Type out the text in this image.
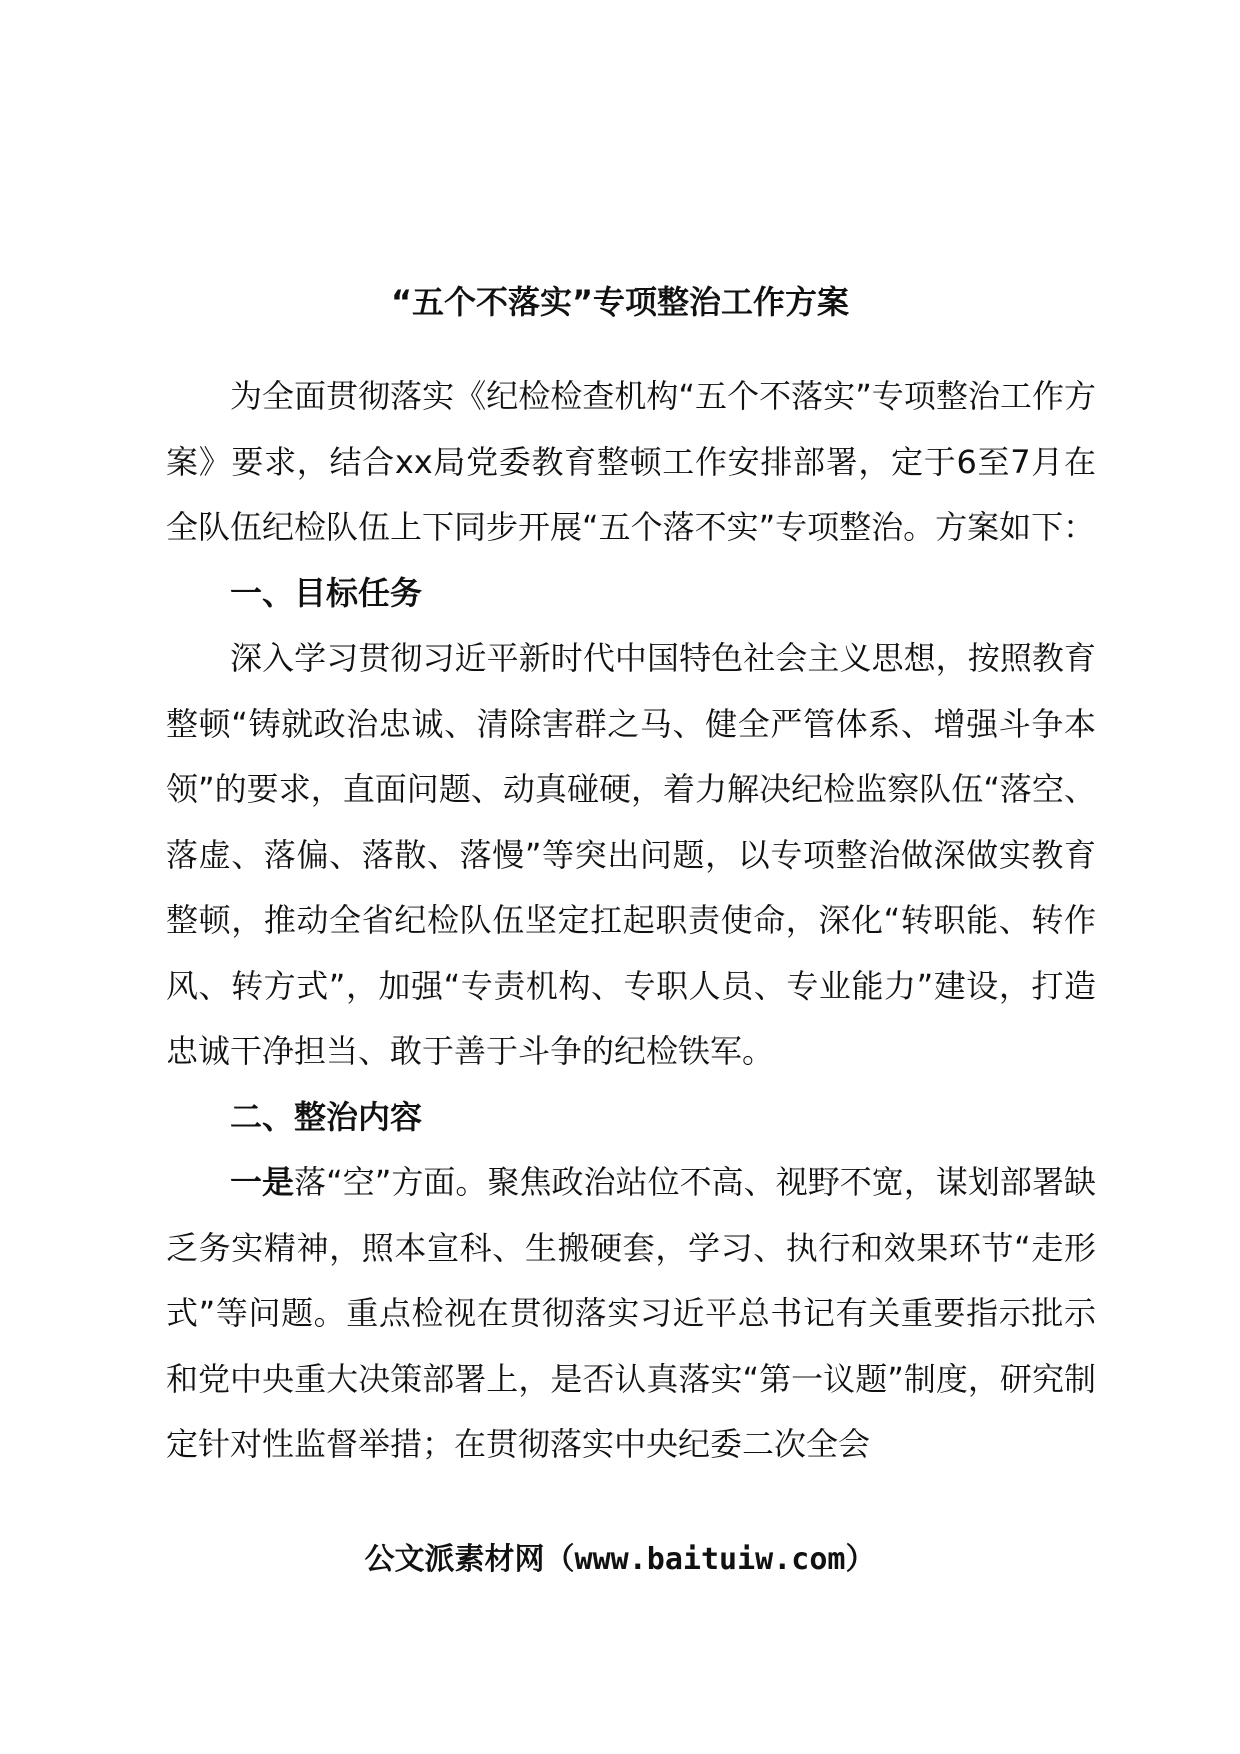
“五个不落实”专项整治工作方案

为全面贯彻落实《纪检检查机构“五个不落实”专项整治工作方案》要求，结合xx局党委教育整顿工作安排部署，定于6至7月在全队伍纪检队伍上下同步开展“五个落不实”专项整治。方案如下：

一、目标任务

深入学习贯彻习近平新时代中国特色社会主义思想，按照教育整顿“铸就政治忠诚、清除害群之马、健全严管体系、增强斗争本领”的要求，直面问题、动真碰硬，着力解决纪检监察队伍“落空、落虚、落偏、落散、落慢”等突出问题，以专项整治做深做实教育整顿，推动全省纪检队伍坚定扛起职责使命，深化“转职能、转作风、转方式”，加强“专责机构、专职人员、专业能力”建设，打造忠诚干净担当、敢于善于斗争的纪检铁军。

二、整治内容

一是落“空”方面。聚焦政治站位不高、视野不宽，谋划部署缺乏务实精神，照本宣科、生搬硬套，学习、执行和效果环节“走形式”等问题。重点检视在贯彻落实习近平总书记有关重要指示批示和党中央重大决策部署上，是否认真落实“第一议题”制度，研究制定针对性监督举措；在贯彻落实中央纪委二次全会

公文派素材网（www.baituiw.com）
